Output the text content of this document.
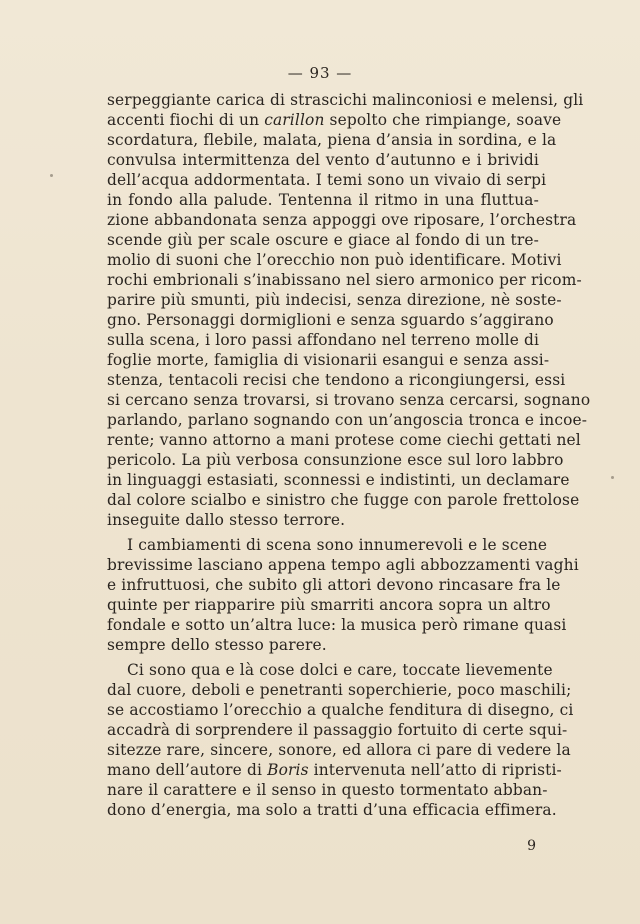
— 93 —
serpeggiante carica di strascichi malinconiosi e melensi, gli
accenti fiochi di un carillon sepolto che rimpiange, soave
scordatura, flebile, malata, piena d’ansia in sordina, e la
convulsa intermittenza del vento d’autunno e i brividi
dell’acqua addormentata. I temi sono un vivaio di serpi
in fondo alla palude. Tentenna il ritmo in una fluttua-
zione abbandonata senza appoggi ove riposare, l’orchestra
scende giù per scale oscure e giace al fondo di un tre-
molio di suoni che l’orecchio non può identificare. Motivi
rochi embrionali s’inabissano nel siero armonico per ricom-
parire più smunti, più indecisi, senza direzione, nè soste-
gno. Personaggi dormiglioni e senza sguardo s’aggirano
sulla scena, i loro passi affondano nel terreno molle di
foglie morte, famiglia di visionarii esangui e senza assi-
stenza, tentacoli recisi che tendono a ricongiungersi, essi
si cercano senza trovarsi, si trovano senza cercarsi, sognano
parlando, parlano sognando con un’angoscia tronca e incoe-
rente; vanno attorno a mani protese come ciechi gettati nel
pericolo. La più verbosa consunzione esce sul loro labbro
in linguaggi estasiati, sconnessi e indistinti, un declamare
dal colore scialbo e sinistro che fugge con parole frettolose
inseguite dallo stesso terrore.
I cambiamenti di scena sono innumerevoli e le scene
brevissime lasciano appena tempo agli abbozzamenti vaghi
e infruttuosi, che subito gli attori devono rincasare fra le
quinte per riapparire più smarriti ancora sopra un altro
fondale e sotto un’altra luce: la musica però rimane quasi
sempre dello stesso parere.
Ci sono qua e là cose dolci e care, toccate lievemente
dal cuore, deboli e penetranti soperchierie, poco maschili;
se accostiamo l’orecchio a qualche fenditura di disegno, ci
accadrà di sorprendere il passaggio fortuito di certe squi-
sitezze rare, sincere, sonore, ed allora ci pare di vedere la
mano dell’autore di Boris intervenuta nell’atto di ripristi-
nare il carattere e il senso in questo tormentato abban-
dono d’energia, ma solo a tratti d’una efficacia effimera.
9
